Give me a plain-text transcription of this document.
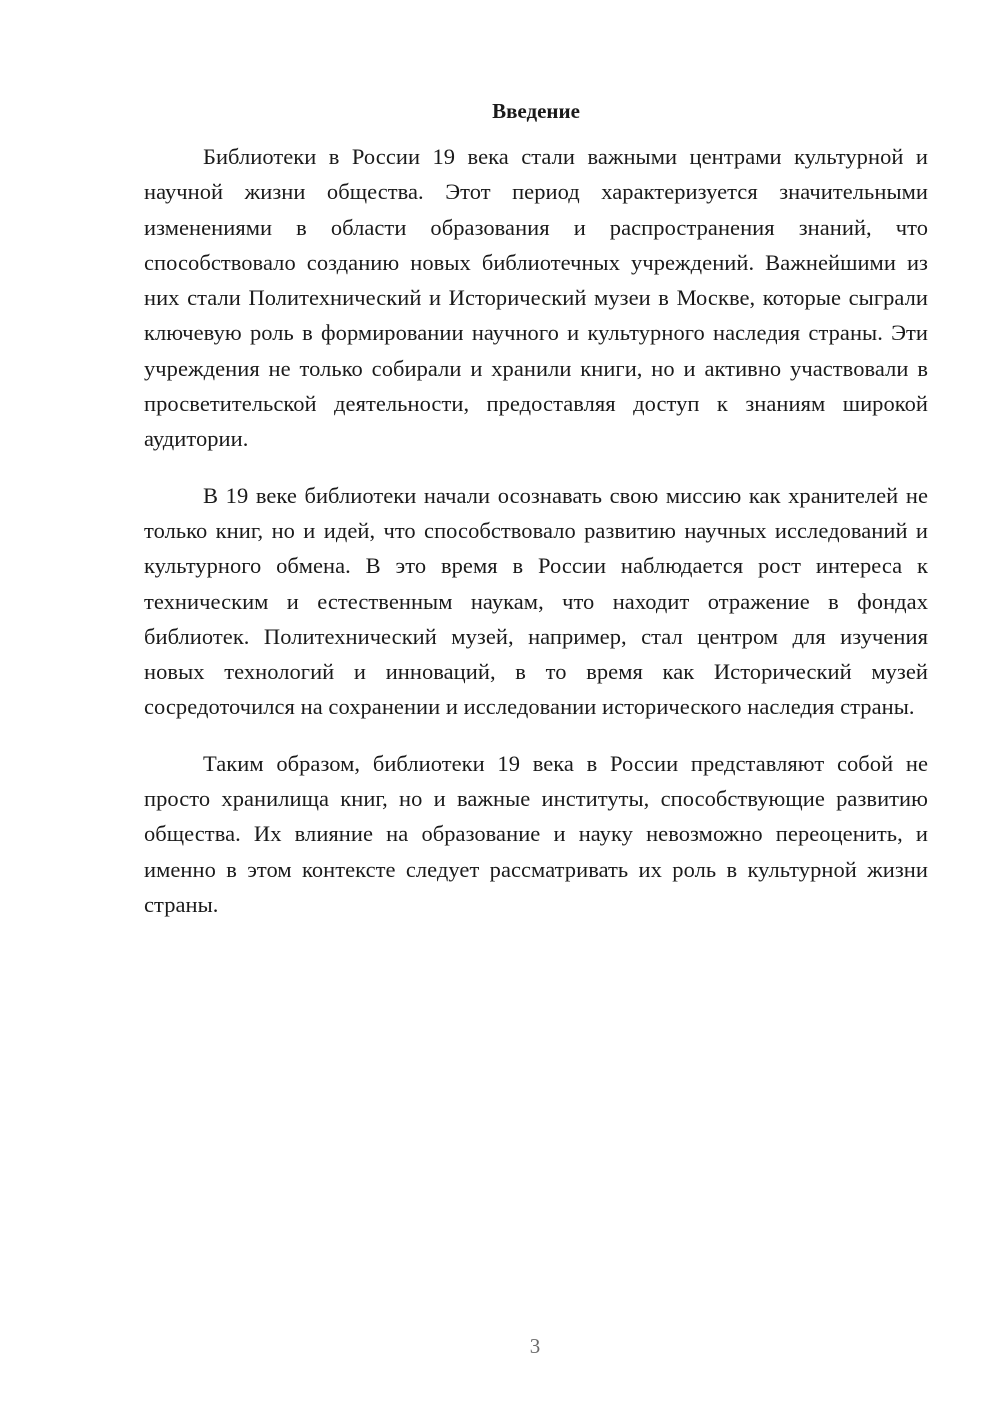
Введение

Библиотеки в России 19 века стали важными центрами культурной и научной жизни общества. Этот период характеризуется значительными изменениями в области образования и распространения знаний, что способствовало созданию новых библиотечных учреждений. Важнейшими из них стали Политехнический и Исторический музеи в Москве, которые сыграли ключевую роль в формировании научного и культурного наследия страны. Эти учреждения не только собирали и хранили книги, но и активно участвовали в просветительской деятельности, предоставляя доступ к знаниям широкой аудитории.

В 19 веке библиотеки начали осознавать свою миссию как хранителей не только книг, но и идей, что способствовало развитию научных исследований и культурного обмена. В это время в России наблюдается рост интереса к техническим и естественным наукам, что находит отражение в фондах библиотек. Политехнический музей, например, стал центром для изучения новых технологий и инноваций, в то время как Исторический музей сосредоточился на сохранении и исследовании исторического наследия страны.

Таким образом, библиотеки 19 века в России представляют собой не просто хранилища книг, но и важные институты, способствующие развитию общества. Их влияние на образование и науку невозможно переоценить, и именно в этом контексте следует рассматривать их роль в культурной жизни страны.

3
